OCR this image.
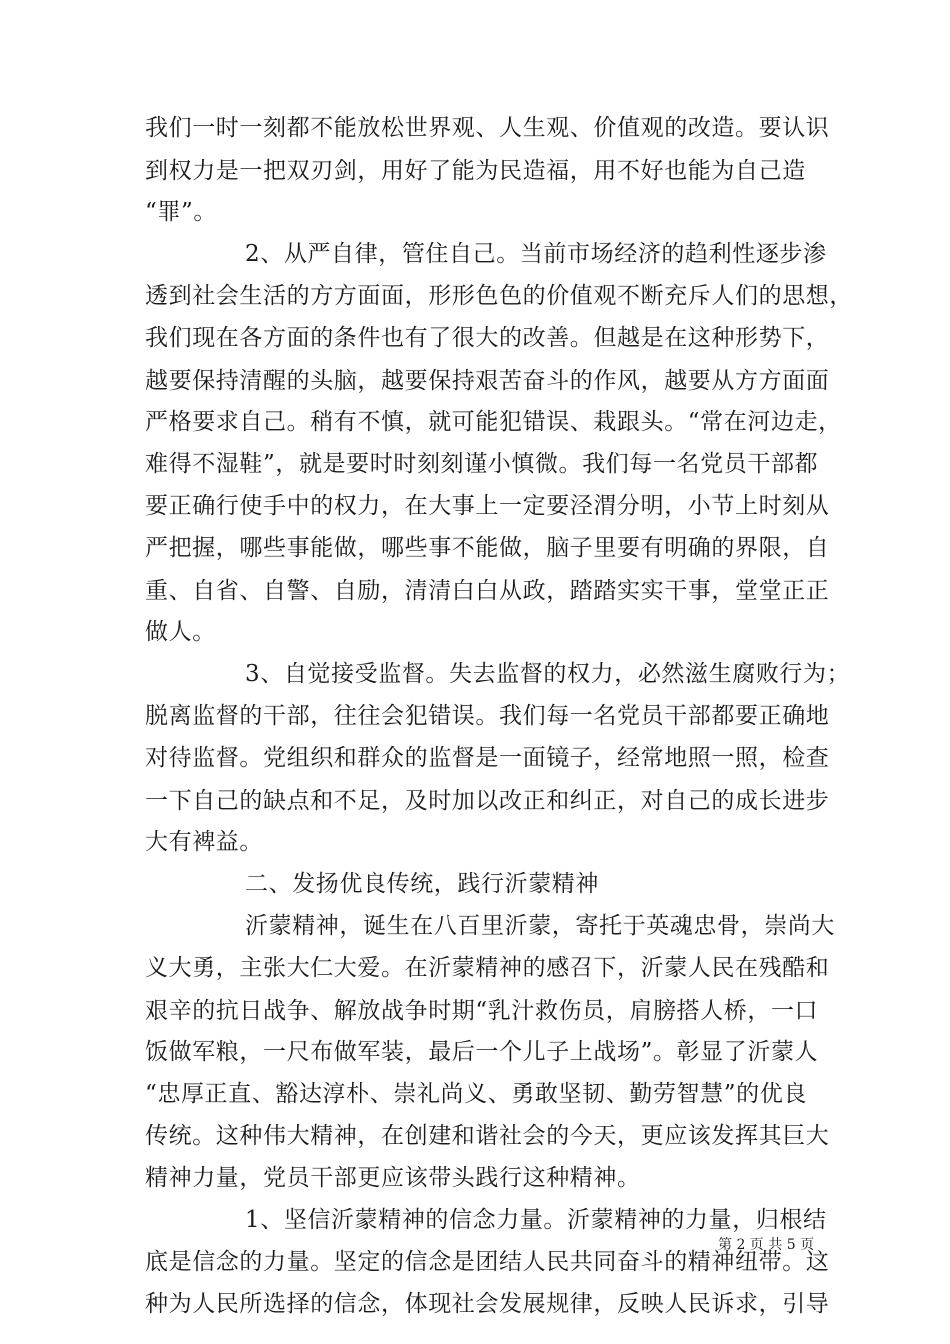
我们一时一刻都不能放松世界观、人生观、价值观的改造。要认识
到权力是一把双刃剑，用好了能为民造福，用不好也能为自己造
“罪”。
2、从严自律，管住自己。当前市场经济的趋利性逐步渗
透到社会生活的方方面面，形形色色的价值观不断充斥人们的思想，
我们现在各方面的条件也有了很大的改善。但越是在这种形势下，
越要保持清醒的头脑，越要保持艰苦奋斗的作风，越要从方方面面
严格要求自己。稍有不慎，就可能犯错误、栽跟头。“常在河边走，
难得不湿鞋”，就是要时时刻刻谨小慎微。我们每一名党员干部都
要正确行使手中的权力，在大事上一定要泾渭分明，小节上时刻从
严把握，哪些事能做，哪些事不能做，脑子里要有明确的界限，自
重、自省、自警、自励，清清白白从政，踏踏实实干事，堂堂正正
做人。
3、自觉接受监督。失去监督的权力，必然滋生腐败行为；
脱离监督的干部，往往会犯错误。我们每一名党员干部都要正确地
对待监督。党组织和群众的监督是一面镜子，经常地照一照，检查
一下自己的缺点和不足，及时加以改正和纠正，对自己的成长进步
大有裨益。
二、发扬优良传统，践行沂蒙精神
沂蒙精神，诞生在八百里沂蒙，寄托于英魂忠骨，崇尚大
义大勇，主张大仁大爱。在沂蒙精神的感召下，沂蒙人民在残酷和
艰辛的抗日战争、解放战争时期“乳汁救伤员，肩膀搭人桥，一口
饭做军粮，一尺布做军装，最后一个儿子上战场”。彰显了沂蒙人
“忠厚正直、豁达淳朴、崇礼尚义、勇敢坚韧、勤劳智慧”的优良
传统。这种伟大精神，在创建和谐社会的今天，更应该发挥其巨大
精神力量，党员干部更应该带头践行这种精神。
1、坚信沂蒙精神的信念力量。沂蒙精神的力量，归根结
底是信念的力量。坚定的信念是团结人民共同奋斗的精神纽带。这
种为人民所选择的信念，体现社会发展规律，反映人民诉求，引导
第 2 页 共 5 页
